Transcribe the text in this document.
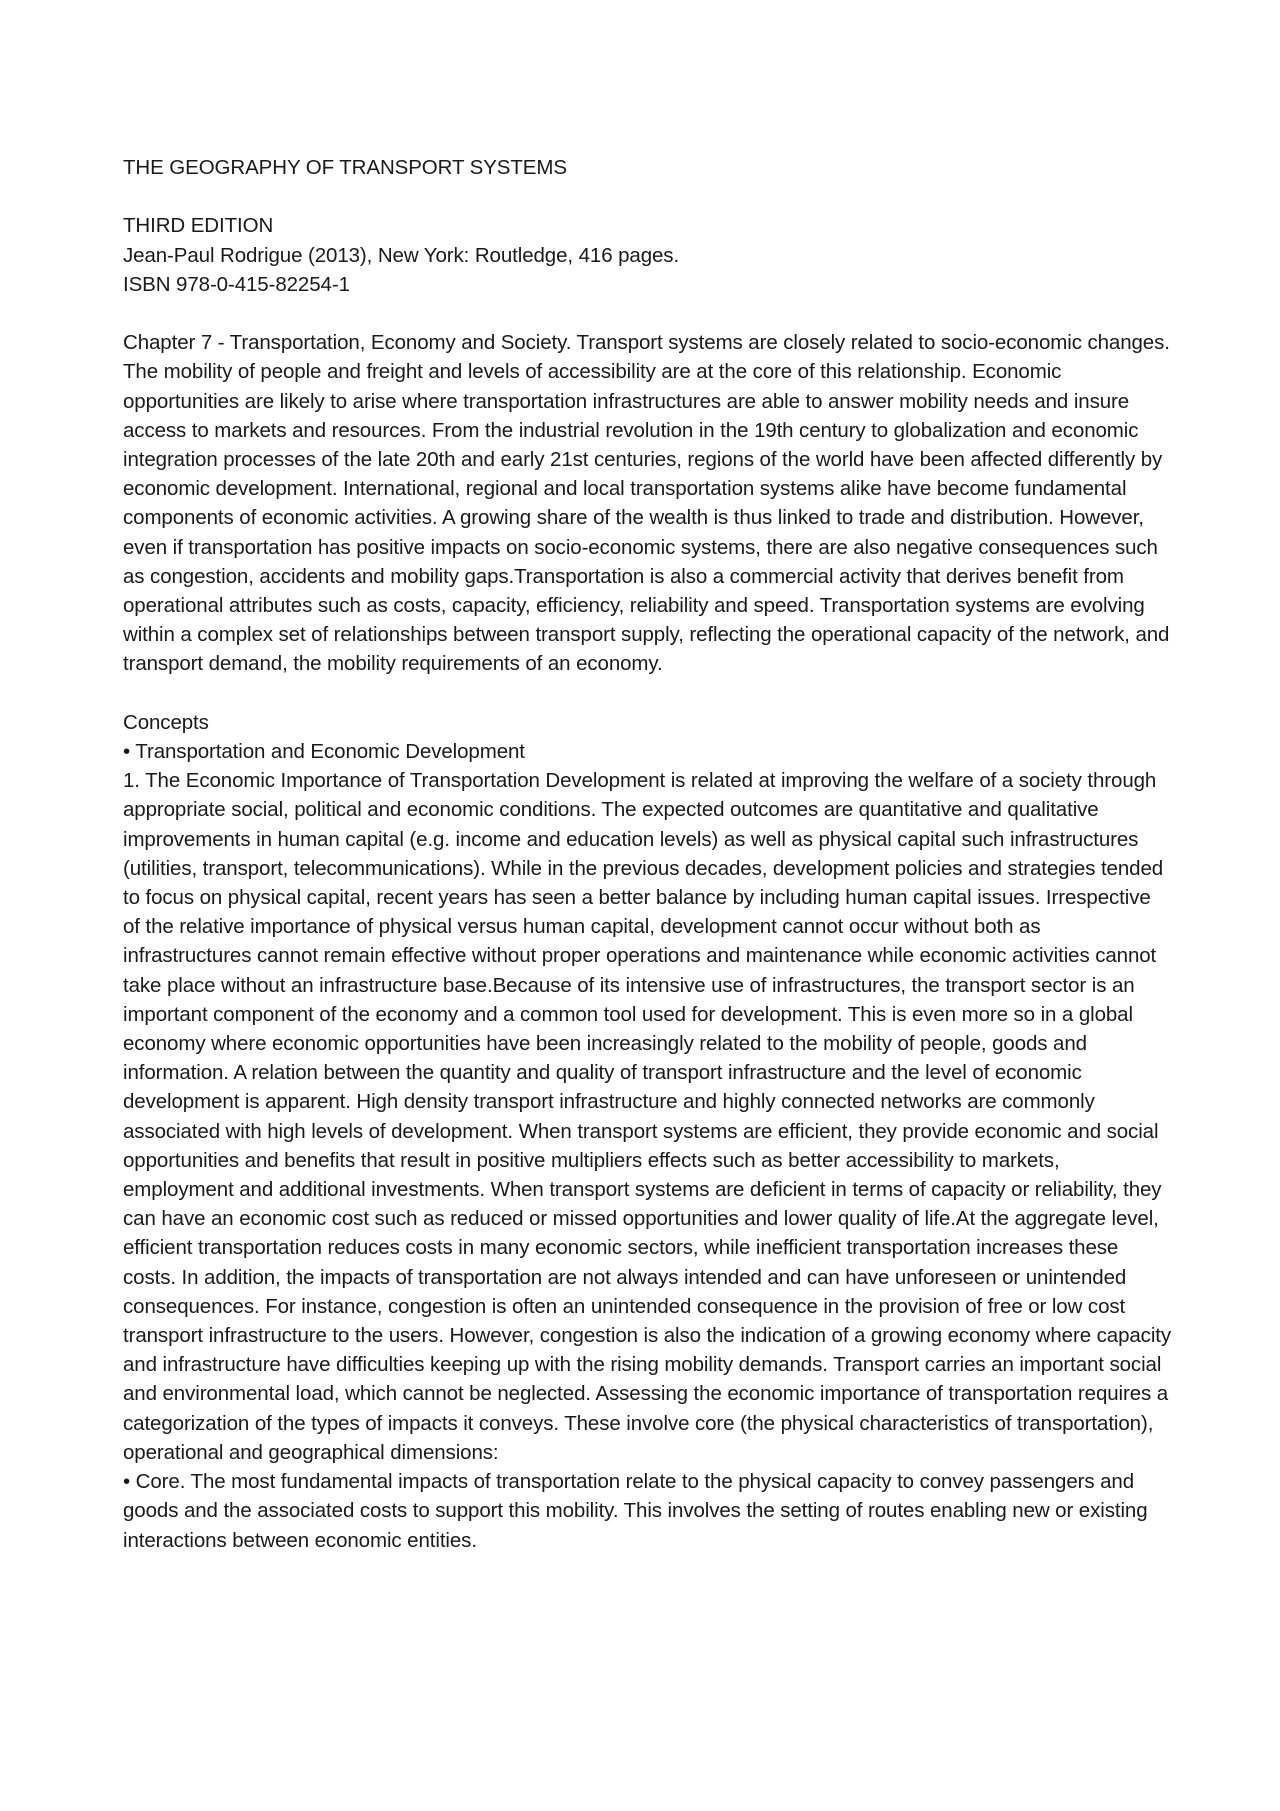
THE GEOGRAPHY OF TRANSPORT SYSTEMS
THIRD EDITION
Jean-Paul Rodrigue (2013), New York: Routledge, 416 pages.
ISBN 978-0-415-82254-1

Chapter 7 - Transportation, Economy and Society. Transport systems are closely related to socio-economic changes. The mobility of people and freight and levels of accessibility are at the core of this relationship. Economic opportunities are likely to arise where transportation infrastructures are able to answer mobility needs and insure access to markets and resources. From the industrial revolution in the 19th century to globalization and economic integration processes of the late 20th and early 21st centuries, regions of the world have been affected differently by economic development. International, regional and local transportation systems alike have become fundamental components of economic activities. A growing share of the wealth is thus linked to trade and distribution. However, even if transportation has positive impacts on socio-economic systems, there are also negative consequences such as congestion, accidents and mobility gaps.Transportation is also a commercial activity that derives benefit from operational attributes such as costs, capacity, efficiency, reliability and speed. Transportation systems are evolving within a complex set of relationships between transport supply, reflecting the operational capacity of the network, and transport demand, the mobility requirements of an economy.

Concepts
• Transportation and Economic Development

1. The Economic Importance of Transportation Development is related at improving the welfare of a society through appropriate social, political and economic conditions. The expected outcomes are quantitative and qualitative improvements in human capital (e.g. income and education levels) as well as physical capital such infrastructures (utilities, transport, telecommunications). While in the previous decades, development policies and strategies tended to focus on physical capital, recent years has seen a better balance by including human capital issues. Irrespective of the relative importance of physical versus human capital, development cannot occur without both as infrastructures cannot remain effective without proper operations and maintenance while economic activities cannot take place without an infrastructure base.Because of its intensive use of infrastructures, the transport sector is an important component of the economy and a common tool used for development. This is even more so in a global economy where economic opportunities have been increasingly related to the mobility of people, goods and information. A relation between the quantity and quality of transport infrastructure and the level of economic development is apparent. High density transport infrastructure and highly connected networks are commonly associated with high levels of development. When transport systems are efficient, they provide economic and social opportunities and benefits that result in positive multipliers effects such as better accessibility to markets, employment and additional investments. When transport systems are deficient in terms of capacity or reliability, they can have an economic cost such as reduced or missed opportunities and lower quality of life.At the aggregate level, efficient transportation reduces costs in many economic sectors, while inefficient transportation increases these costs. In addition, the impacts of transportation are not always intended and can have unforeseen or unintended consequences. For instance, congestion is often an unintended consequence in the provision of free or low cost transport infrastructure to the users. However, congestion is also the indication of a growing economy where capacity and infrastructure have difficulties keeping up with the rising mobility demands. Transport carries an important social and environmental load, which cannot be neglected. Assessing the economic importance of transportation requires a categorization of the types of impacts it conveys. These involve core (the physical characteristics of transportation), operational and geographical dimensions:

• Core. The most fundamental impacts of transportation relate to the physical capacity to convey passengers and goods and the associated costs to support this mobility. This involves the setting of routes enabling new or existing interactions between economic entities.
